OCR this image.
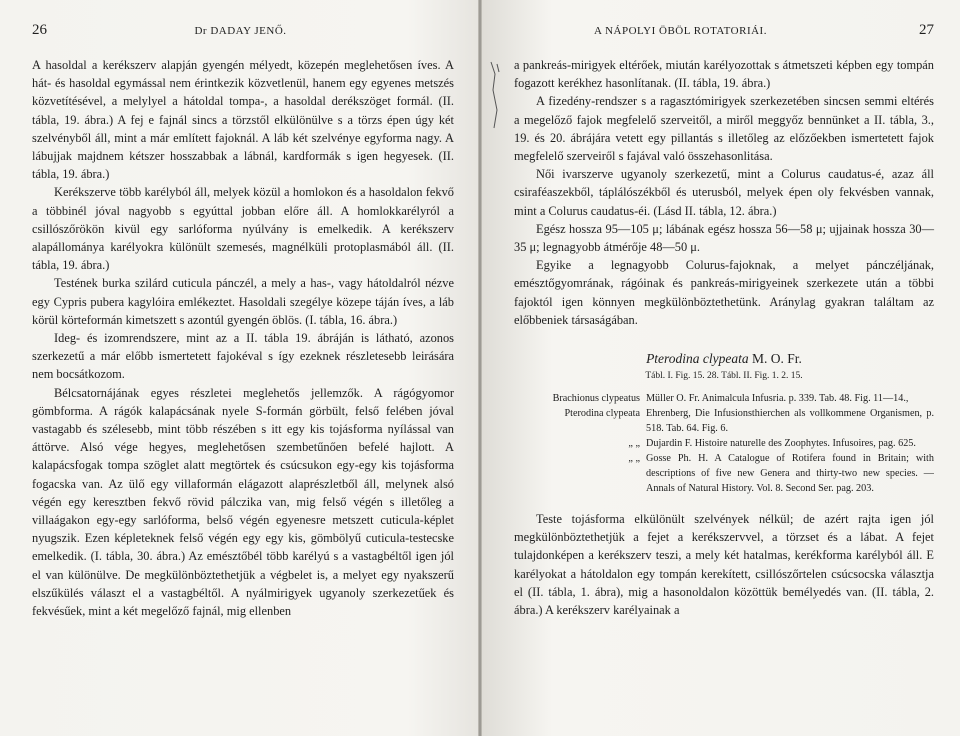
26	Dr DADAY JENŐ.

A hasoldal a kerékszerv alapján gyengén mélyedt, közepén meglehetősen íves. A hát- és hasoldal egymással nem érintkezik közvetlenül, hanem egy egyenes metszés közvetítésével, a melylyel a hátoldal tompa-, a hasoldal derékszöget formál. (II. tábla, 19. ábra.) A fej e fajnál sincs a törzstől elkülönülve s a törzs épen úgy két szelvényből áll, mint a már említett fajoknál. A láb két szelvénye egyforma nagy. A lábujjak majdnem kétszer hosszabbak a lábnál, kardformák s igen hegyesek. (II. tábla, 19. ábra.)

Kerékszerve több karélyból áll, melyek közül a homlokon és a hasoldalon fekvő a többinél jóval nagyobb s egyúttal jobban előre áll. A homlokkarélyról a csillószőrökön kivül egy sarlóforma nyúlvány is emelkedik. A kerékszerv alapállománya karélyokra különült szemesés, magnélküli protoplasmából áll. (II. tábla, 19. ábra.)

Testének burka szilárd cuticula pánczél, a mely a has-, vagy hátoldalról nézve egy Cypris pubera kagylóira emlékeztet. Hasoldali szegélye közepe táján íves, a láb körül körteformán kimetszett s azontúl gyengén öblös. (I. tábla, 16. ábra.)

Ideg- és izomrendszere, mint az a II. tábla 19. ábráján is látható, azonos szerkezetű a már előbb ismertetett fajokéval s így ezeknek részletesebb leirására nem bocsátkozom.

Bélcsatornájának egyes részletei meglehetős jellemzők. A rágógyomor gömbforma. A rágók kalapácsának nyele S-formán görbült, felső felében jóval vastagabb és szélesebb, mint több részében s itt egy kis tojásforma nyílással van áttörve. Alsó vége hegyes, meglehetősen szembetűnően befelé hajlott. A kalapácsfogak tompa szöglet alatt megtörtek és csúcsukon egy-egy kis tojásforma fogacska van. Az ülő egy villaformán elágazott alaprészletből áll, melynek alsó végén egy keresztben fekvő rövid pálczika van, mig felső végén s illetőleg a villaágakon egy-egy sarlóforma, belső végén egyenesre metszett cuticula-képlet nyugszik. Ezen képleteknek felső végén egy egy kis, gömbölyű cuticula-testecske emelkedik. (I. tábla, 30. ábra.) Az emésztőbél több karélyú s a vastagbéltől igen jól el van különülve. De megkülönböztethetjük a végbelet is, a melyet egy nyakszerű elszűkülés választ el a vastagbéltől. A nyálmirigyek ugyanoly szerkezetűek és fekvésűek, mint a két megelőző fajnál, mig ellenben

A NÁPOLYI ÖBÖL ROTATORIÁI.	27

a pankreás-mirigyek eltérőek, miután karélyozottak s átmetszeti képben egy tompán fogazott kerékhez hasonlítanak. (II. tábla, 19. ábra.)

A fizedény-rendszer s a ragasztómirigyek szerkezetében sincsen semmi eltérés a megelőző fajok megfelelő szerveitől, a miről meggyőz bennünket a II. tábla, 3., 19. és 20. ábrájára vetett egy pillantás s illetőleg az előzőekben ismertetett fajok megfelelő szerveiről s fajával való összehasonlitása.

Női ivarszerve ugyanoly szerkezetű, mint a Colurus caudatus-é, azaz áll csiraféaszekből, táplálószékből és uterusból, melyek épen oly fekvésben vannak, mint a Colurus caudatus-éi. (Lásd II. tábla, 12. ábra.)

Egész hossza 95—105 μ; lábának egész hossza 56—58 μ; ujjainak hossza 30—35 μ; legnagyobb átmérője 48—50 μ.

Egyike a legnagyobb Colurus-fajoknak, a melyet pánczéljának, emésztőgyomrának, rágóinak és pankreás-mirigyeinek szerkezete után a többi fajoktól igen könnyen megkülönböztethetünk. Aránylag gyakran találtam az előbbeniek társaságában.

Pterodina clypeata M. O. Fr.
Tábl. I. Fig. 15. 28. Tábl. II. Fig. 1. 2. 15.
Brachionus clypeatus Müller O. Fr. Animalcula Infusria. p. 339. Tab. 48. Fig. 11—14.,
Pterodina clypeata Ehrenberg, Die Infusionsthierchen als vollkommene Organismen, p. 518. Tab. 64. Fig. 6.
„ „ Dujardin F. Histoire naturelle des Zoophytes. Infusoires, pag. 625.
„ „ Gosse Ph. H. A Catalogue of Rotifera found in Britain; with descriptions of five new Genera and thirty-two new species. — Annals of Natural History. Vol. 8. Second Ser. pag. 203.

Teste tojásforma elkülönült szelvények nélkül; de azért rajta igen jól megkülönböztethetjük a fejet a kerékszervvel, a törzset és a lábat. A fejet tulajdonképen a kerékszerv teszi, a mely két hatalmas, kerékforma karélyból áll. E karélyokat a hátoldalon egy tompán kerekített, csillószőrtelen csúcsocska választja el (II. tábla, 1. ábra), mig a hasonoldalon közöttük bemélyedés van. (II. tábla, 2. ábra.) A kerékszerv karélyainak a
